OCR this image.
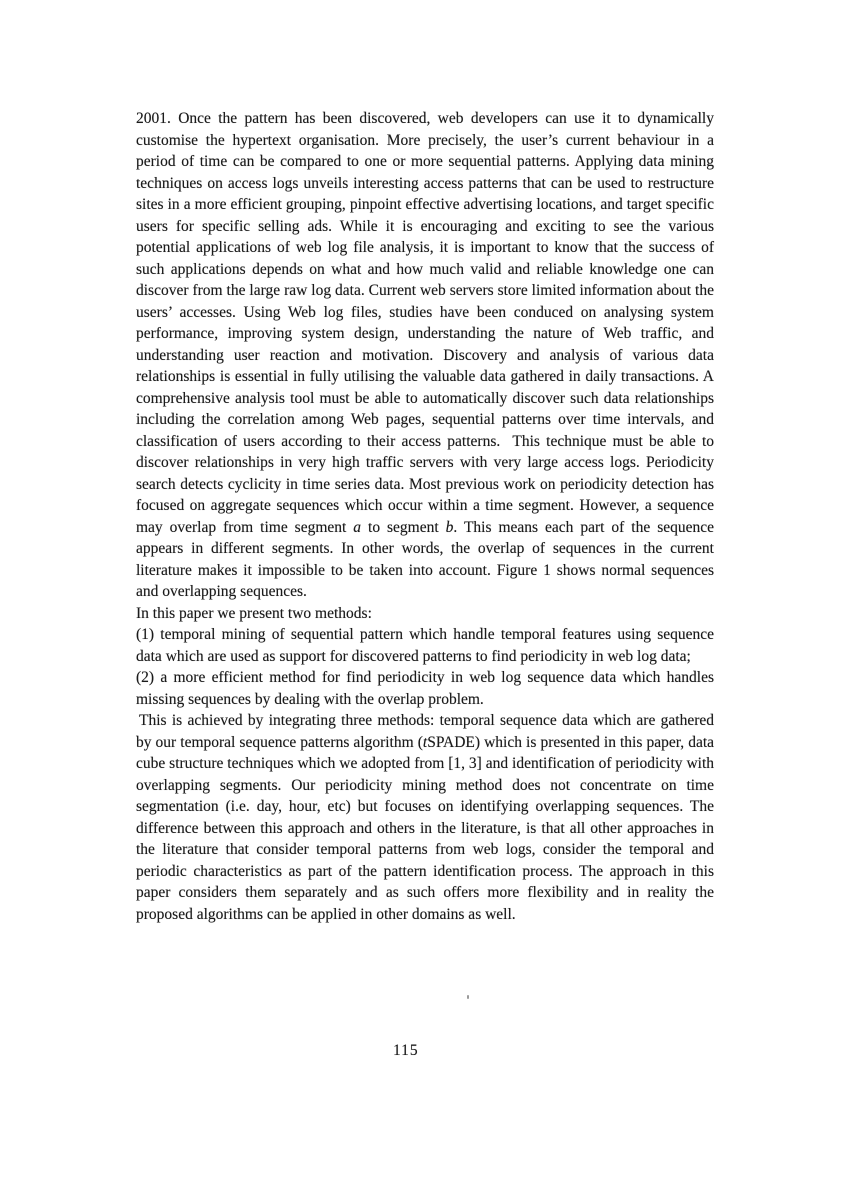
2001. Once the pattern has been discovered, web developers can use it to dynamically customise the hypertext organisation. More precisely, the user’s current behaviour in a period of time can be compared to one or more sequential patterns. Applying data mining techniques on access logs unveils interesting access patterns that can be used to restructure sites in a more efficient grouping, pinpoint effective advertising locations, and target specific users for specific selling ads. While it is encouraging and exciting to see the various potential applications of web log file analysis, it is important to know that the success of such applications depends on what and how much valid and reliable knowledge one can discover from the large raw log data. Current web servers store limited information about the users’ accesses. Using Web log files, studies have been conduced on analysing system performance, improving system design, understanding the nature of Web traffic, and understanding user reaction and motivation. Discovery and analysis of various data relationships is essential in fully utilising the valuable data gathered in daily transactions. A comprehensive analysis tool must be able to automatically discover such data relationships including the correlation among Web pages, sequential patterns over time intervals, and classification of users according to their access patterns.  This technique must be able to discover relationships in very high traffic servers with very large access logs. Periodicity search detects cyclicity in time series data. Most previous work on periodicity detection has focused on aggregate sequences which occur within a time segment. However, a sequence may overlap from time segment a to segment b. This means each part of the sequence appears in different segments. In other words, the overlap of sequences in the current literature makes it impossible to be taken into account. Figure 1 shows normal sequences and overlapping sequences.

In this paper we present two methods:

(1) temporal mining of sequential pattern which handle temporal features using sequence data which are used as support for discovered patterns to find periodicity in web log data;

(2) a more efficient method for find periodicity in web log sequence data which handles missing sequences by dealing with the overlap problem.

This is achieved by integrating three methods: temporal sequence data which are gathered by our temporal sequence patterns algorithm (tSPADE) which is presented in this paper, data cube structure techniques which we adopted from [1, 3] and identification of periodicity with overlapping segments. Our periodicity mining method does not concentrate on time segmentation (i.e. day, hour, etc) but focuses on identifying overlapping sequences. The difference between this approach and others in the literature, is that all other approaches in the literature that consider temporal patterns from web logs, consider the temporal and periodic characteristics as part of the pattern identification process. The approach in this paper considers them separately and as such offers more flexibility and in reality the proposed algorithms can be applied in other domains as well.

115
